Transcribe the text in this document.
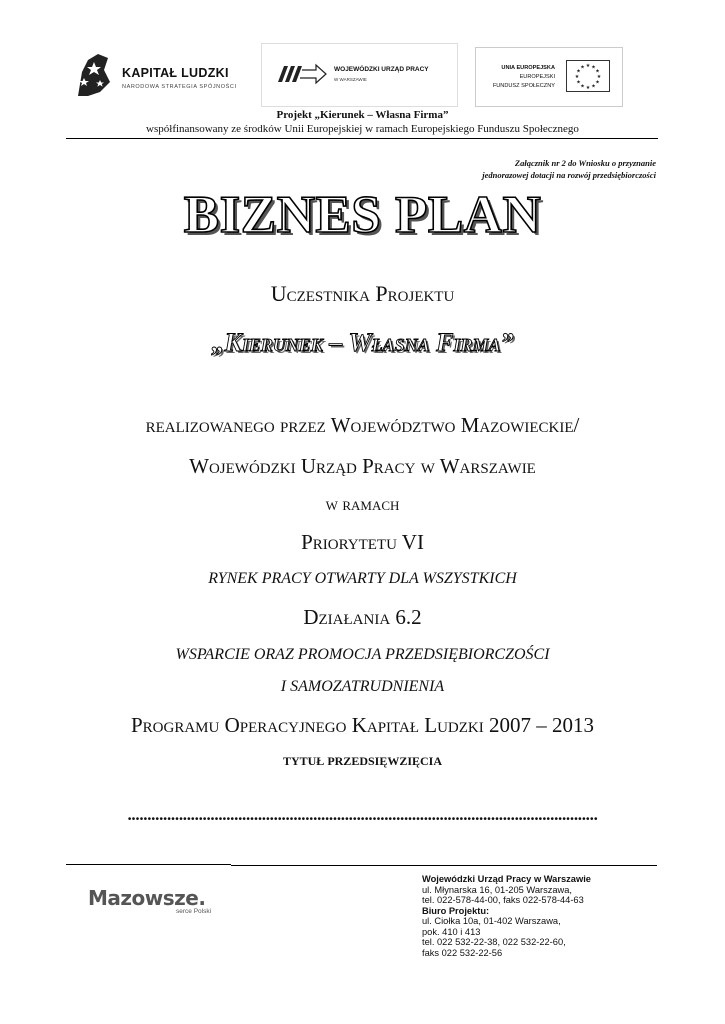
KAPITAŁ LUDZKI
NARODOWA STRATEGIA SPÓJNOŚCI
WOJEWÓDZKI URZĄD PRACY
W WARSZAWIE
UNIA EUROPEJSKA
EUROPEJSKI
FUNDUSZ SPOŁECZNY
★ ★
★
★
★
★
★
★
★
★
★
★
Projekt „Kierunek – Własna Firma”
współfinansowany ze środków Unii Europejskiej w ramach Europejskiego Funduszu Społecznego
Załącznik nr 2 do Wniosku o przyznanie
jednorazowej dotacji na rozwój przedsiębiorczości
BIZNES PLAN
Uczestnika Projektu
„Kierunek – Własna Firma”
realizowanego przez Województwo Mazowieckie/
Wojewódzki Urząd Pracy w Warszawie
w ramach
Priorytetu VI
RYNEK PRACY OTWARTY DLA WSZYSTKICH
Działania 6.2
WSPARCIE ORAZ PROMOCJA PRZEDSIĘBIORCZOŚCI
I SAMOZATRUDNIENIA
Programu Operacyjnego Kapitał Ludzki 2007 – 2013
TYTUŁ PRZEDSIĘWZIĘCIA
.......................................................................................................................
Mazowsze.
serce Polski
Wojewódzki Urząd Pracy w Warszawie
ul. Młynarska 16, 01-205 Warszawa,
tel. 022-578-44-00, faks 022-578-44-63
Biuro Projektu:
ul. Ciołka 10a, 01-402 Warszawa,
pok. 410 i 413
tel. 022 532-22-38, 022 532-22-60,
faks 022 532-22-56
